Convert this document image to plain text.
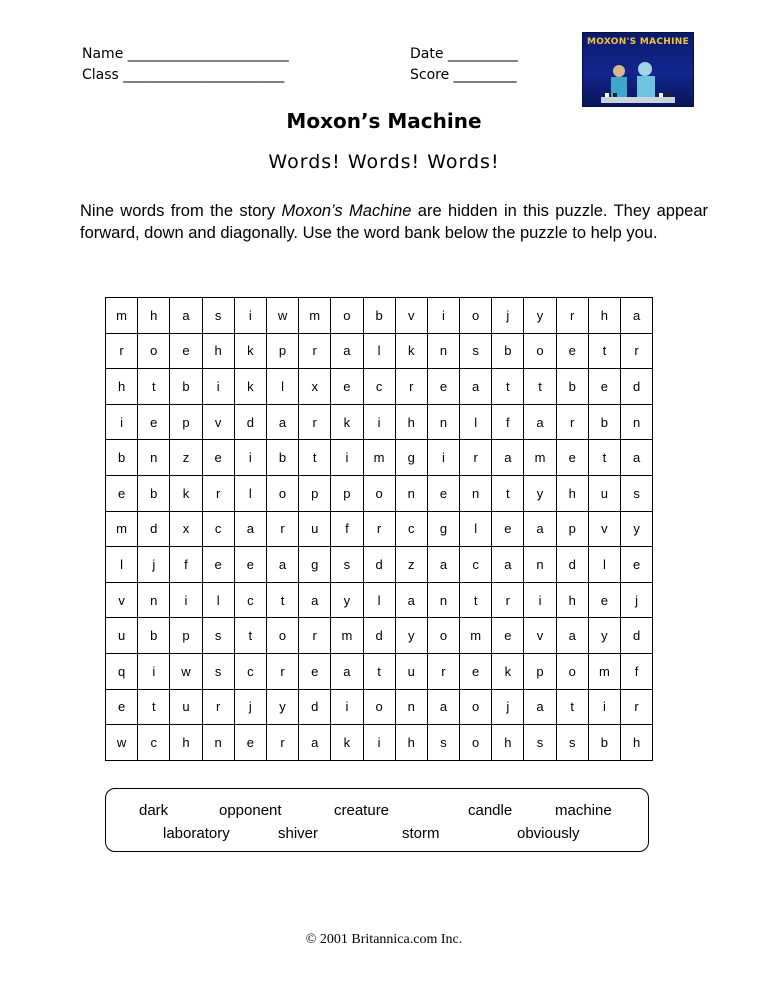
Name _______________________
Class _______________________
Date __________
Score _________
MOXON'S MACHINE
Moxon’s Machine
Words! Words! Words!
Nine words from the story Moxon’s Machine are hidden in this puzzle. They appear forward, down and diagonally. Use the word bank below the puzzle to help you.
m	h	a	s	i	w	m	o	b	v	i	o	j	y	r	h	a
r	o	e	h	k	p	r	a	l	k	n	s	b	o	e	t	r
h	t	b	i	k	l	x	e	c	r	e	a	t	t	b	e	d
i	e	p	v	d	a	r	k	i	h	n	l	f	a	r	b	n
b	n	z	e	i	b	t	i	m	g	i	r	a	m	e	t	a
e	b	k	r	l	o	p	p	o	n	e	n	t	y	h	u	s
m	d	x	c	a	r	u	f	r	c	g	l	e	a	p	v	y
l	j	f	e	e	a	g	s	d	z	a	c	a	n	d	l	e
v	n	i	l	c	t	a	y	l	a	n	t	r	i	h	e	j
u	b	p	s	t	o	r	m	d	y	o	m	e	v	a	y	d
q	i	w	s	c	r	e	a	t	u	r	e	k	p	o	m	f
e	t	u	r	j	y	d	i	o	n	a	o	j	a	t	i	r
w	c	h	n	e	r	a	k	i	h	s	o	h	s	s	b	h
dark	opponent	creature	candle	machine
laboratory	shiver	storm	obviously
© 2001 Britannica.com Inc.
